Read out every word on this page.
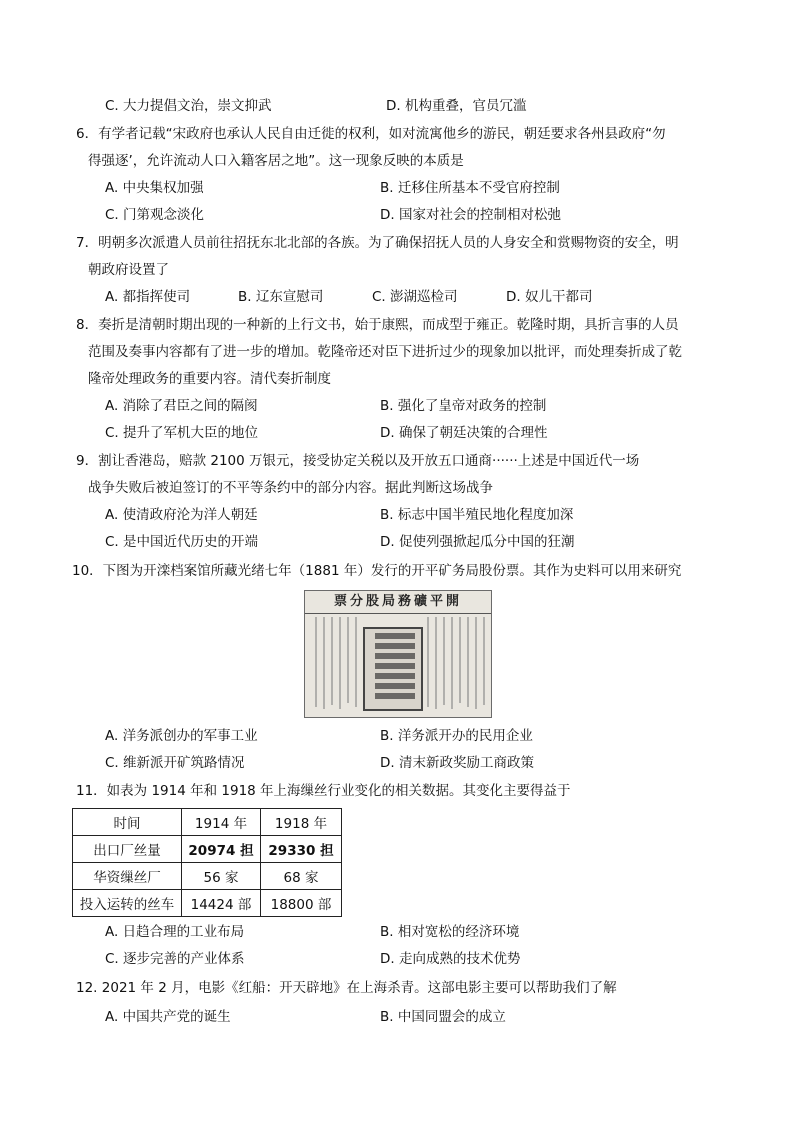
C. 大力提倡文治，崇文抑武	D. 机构重叠，官员冗滥
6．有学者记载“宋政府也承认人民自由迁徙的权利，如对流寓他乡的游民，朝廷要求各州县政府“勿
得强逐’，允许流动人口入籍客居之地”。这一现象反映的本质是
A. 中央集权加强	B. 迁移住所基本不受官府控制
C. 门第观念淡化	D. 国家对社会的控制相对松弛
7．明朝多次派遣人员前往招抚东北北部的各族。为了确保招抚人员的人身安全和赏赐物资的安全，明
朝政府设置了
A. 都指挥使司	B. 辽东宣慰司	C. 澎湖巡检司	D. 奴儿干都司
8．奏折是清朝时期出现的一种新的上行文书，始于康熙，而成型于雍正。乾隆时期，具折言事的人员
范围及奏事内容都有了进一步的增加。乾隆帝还对臣下进折过少的现象加以批评，而处理奏折成了乾
隆帝处理政务的重要内容。清代奏折制度
A. 消除了君臣之间的隔阂	B. 强化了皇帝对政务的控制
C. 提升了军机大臣的地位	D. 确保了朝廷决策的合理性
9．割让香港岛，赔款 2100 万银元，接受协定关税以及开放五口通商······上述是中国近代一场
战争失败后被迫签订的不平等条约中的部分内容。据此判断这场战争
A. 使清政府沦为洋人朝廷	B. 标志中国半殖民地化程度加深
C. 是中国近代历史的开端	D. 促使列强掀起瓜分中国的狂潮
10．下图为开滦档案馆所藏光绪七年（1881 年）发行的开平矿务局股份票。其作为史料可以用来研究
票分股局務礦平開
A. 洋务派创办的军事工业	B. 洋务派开办的民用企业
C. 维新派开矿筑路情况	D. 清末新政奖励工商政策
11．如表为 1914 年和 1918 年上海缫丝行业变化的相关数据。其变化主要得益于
时间	1914 年	1918 年
出口厂丝量	20974 担	29330 担
华资缫丝厂	56 家	68 家
投入运转的丝车	14424 部	18800 部
A. 日趋合理的工业布局	B. 相对宽松的经济环境
C. 逐步完善的产业体系	D. 走向成熟的技术优势
12. 2021 年 2 月，电影《红船：开天辟地》在上海杀青。这部电影主要可以帮助我们了解
A. 中国共产党的诞生	B. 中国同盟会的成立
